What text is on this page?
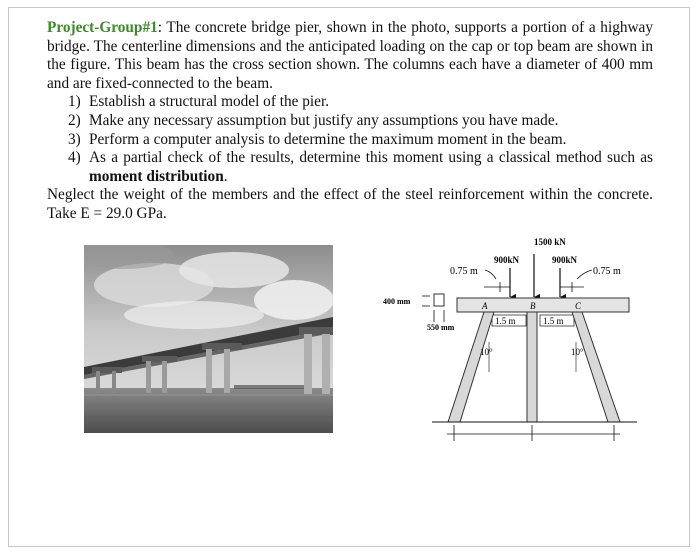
Project-Group#1: The concrete bridge pier, shown in the photo, supports a portion of a highway bridge. The centerline dimensions and the anticipated loading on the cap or top beam are shown in the figure. This beam has the cross section shown. The columns each have a diameter of 400 mm and are fixed-connected to the beam.

1) Establish a structural model of the pier.
2) Make any necessary assumption but justify any assumptions you have made.
3) Perform a computer analysis to determine the maximum moment in the beam.
4) As a partial check of the results, determine this moment using a classical method such as moment distribution.

Neglect the weight of the members and the effect of the steel reinforcement within the concrete. Take E = 29.0 GPa.

1500 kN
900kN	900kN
0.75 m	0.75 m
A	B	C
400 mm
550 mm
1.5 m	1.5 m
10°	10°
